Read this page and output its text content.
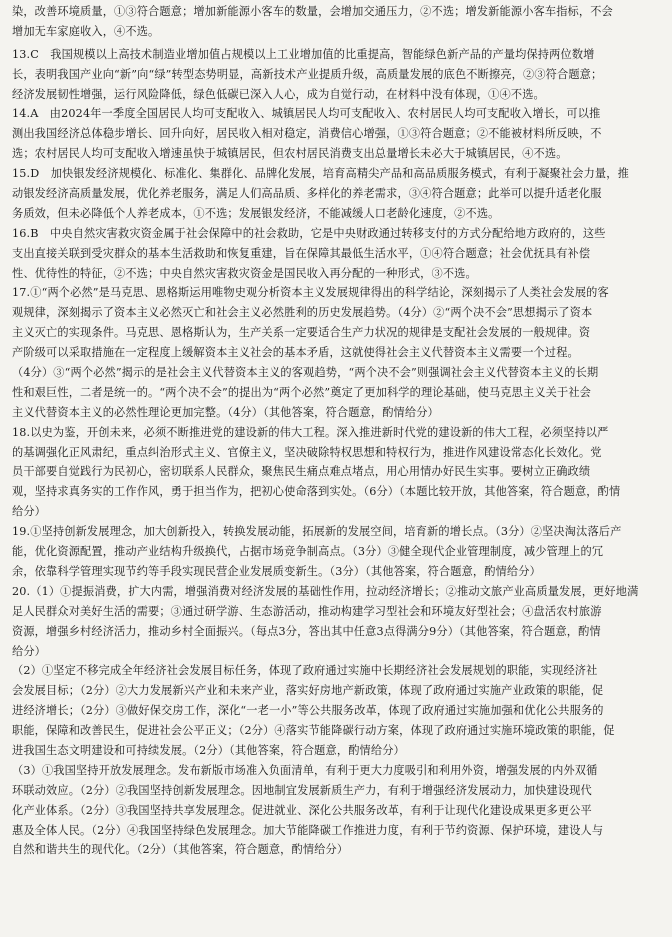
染，改善环境质量，①③符合题意；增加新能源小客车的数量，会增加交通压力，②不选；增发新能源小客车指标，不会
增加无车家庭收入，④不选。
13.C　我国规模以上高技术制造业增加值占规模以上工业增加值的比重提高，智能绿色新产品的产量均保持两位数增
长，表明我国产业向“新”向“绿”转型态势明显，高新技术产业提质升级，高质量发展的底色不断擦亮，②③符合题意；
经济发展韧性增强，运行风险降低，绿色低碳已深入人心，成为自觉行动，在材料中没有体现，①④不选。
14.A　由2024年一季度全国居民人均可支配收入、城镇居民人均可支配收入、农村居民人均可支配收入增长，可以推
测出我国经济总体稳步增长、回升向好，居民收入相对稳定，消费信心增强，①③符合题意；②不能被材料所反映，不
选；农村居民人均可支配收入增速虽快于城镇居民，但农村居民消费支出总量增长未必大于城镇居民，④不选。
15.D　加快银发经济规模化、标准化、集群化、品牌化发展，培育高精尖产品和高品质服务模式，有利于凝聚社会力量，推
动银发经济高质量发展，优化养老服务，满足人们高品质、多样化的养老需求，③④符合题意；此举可以提升适老化服
务质效，但未必降低个人养老成本，①不选；发展银发经济，不能减缓人口老龄化速度，②不选。
16.B　中央自然灾害救灾资金属于社会保障中的社会救助，它是中央财政通过转移支付的方式分配给地方政府的，这些
支出直接关联到受灾群众的基本生活救助和恢复重建，旨在保障其最低生活水平，①④符合题意；社会优抚具有补偿
性、优待性的特征，②不选；中央自然灾害救灾资金是国民收入再分配的一种形式，③不选。
17.①“两个必然”是马克思、恩格斯运用唯物史观分析资本主义发展规律得出的科学结论，深刻揭示了人类社会发展的客
观规律，深刻揭示了资本主义必然灭亡和社会主义必然胜利的历史发展趋势。（4分）②“两个决不会”思想揭示了资本
主义灭亡的实现条件。马克思、恩格斯认为，生产关系一定要适合生产力状况的规律是支配社会发展的一般规律。资
产阶级可以采取措施在一定程度上缓解资本主义社会的基本矛盾，这就使得社会主义代替资本主义需要一个过程。
（4分）③“两个必然”揭示的是社会主义代替资本主义的客观趋势，“两个决不会”则强调社会主义代替资本主义的长期
性和艰巨性，二者是统一的。“两个决不会”的提出为“两个必然”奠定了更加科学的理论基础，使马克思主义关于社会
主义代替资本主义的必然性理论更加完整。（4分）（其他答案，符合题意，酌情给分）
18.以史为鉴，开创未来，必须不断推进党的建设新的伟大工程。深入推进新时代党的建设新的伟大工程，必须坚持以严
的基调强化正风肃纪，重点纠治形式主义、官僚主义，坚决破除特权思想和特权行为，推进作风建设常态化长效化。党
员干部要自觉践行为民初心，密切联系人民群众，聚焦民生痛点难点堵点，用心用情办好民生实事。要树立正确政绩
观，坚持求真务实的工作作风，勇于担当作为，把初心使命落到实处。（6分）（本题比较开放，其他答案，符合题意，酌情
给分）
19.①坚持创新发展理念，加大创新投入，转换发展动能，拓展新的发展空间，培育新的增长点。（3分）②坚决淘汰落后产
能，优化资源配置，推动产业结构升级换代，占据市场竞争制高点。（3分）③健全现代企业管理制度，减少管理上的冗
余，依靠科学管理实现节约等手段实现民营企业发展质变新生。（3分）（其他答案，符合题意，酌情给分）
20.（1）①提振消费，扩大内需，增强消费对经济发展的基础性作用，拉动经济增长；②推动文旅产业高质量发展，更好地满
足人民群众对美好生活的需要；③通过研学游、生态游活动，推动构建学习型社会和环境友好型社会；④盘活农村旅游
资源，增强乡村经济活力，推动乡村全面振兴。（每点3分，答出其中任意3点得满分9分）（其他答案，符合题意，酌情
给分）
（2）①坚定不移完成全年经济社会发展目标任务，体现了政府通过实施中长期经济社会发展规划的职能，实现经济社
会发展目标；（2分）②大力发展新兴产业和未来产业，落实好房地产新政策，体现了政府通过实施产业政策的职能，促
进经济增长；（2分）③做好保交房工作，深化“一老一小”等公共服务改革，体现了政府通过实施加强和优化公共服务的
职能，保障和改善民生，促进社会公平正义；（2分）④落实节能降碳行动方案，体现了政府通过实施环境政策的职能，促
进我国生态文明建设和可持续发展。（2分）（其他答案，符合题意，酌情给分）
（3）①我国坚持开放发展理念。发布新版市场准入负面清单，有利于更大力度吸引和利用外资，增强发展的内外双循
环联动效应。（2分）②我国坚持创新发展理念。因地制宜发展新质生产力，有利于增强经济发展动力，加快建设现代
化产业体系。（2分）③我国坚持共享发展理念。促进就业、深化公共服务改革，有利于让现代化建设成果更多更公平
惠及全体人民。（2分）④我国坚持绿色发展理念。加大节能降碳工作推进力度，有利于节约资源、保护环境，建设人与
自然和谐共生的现代化。（2分）（其他答案，符合题意，酌情给分）
